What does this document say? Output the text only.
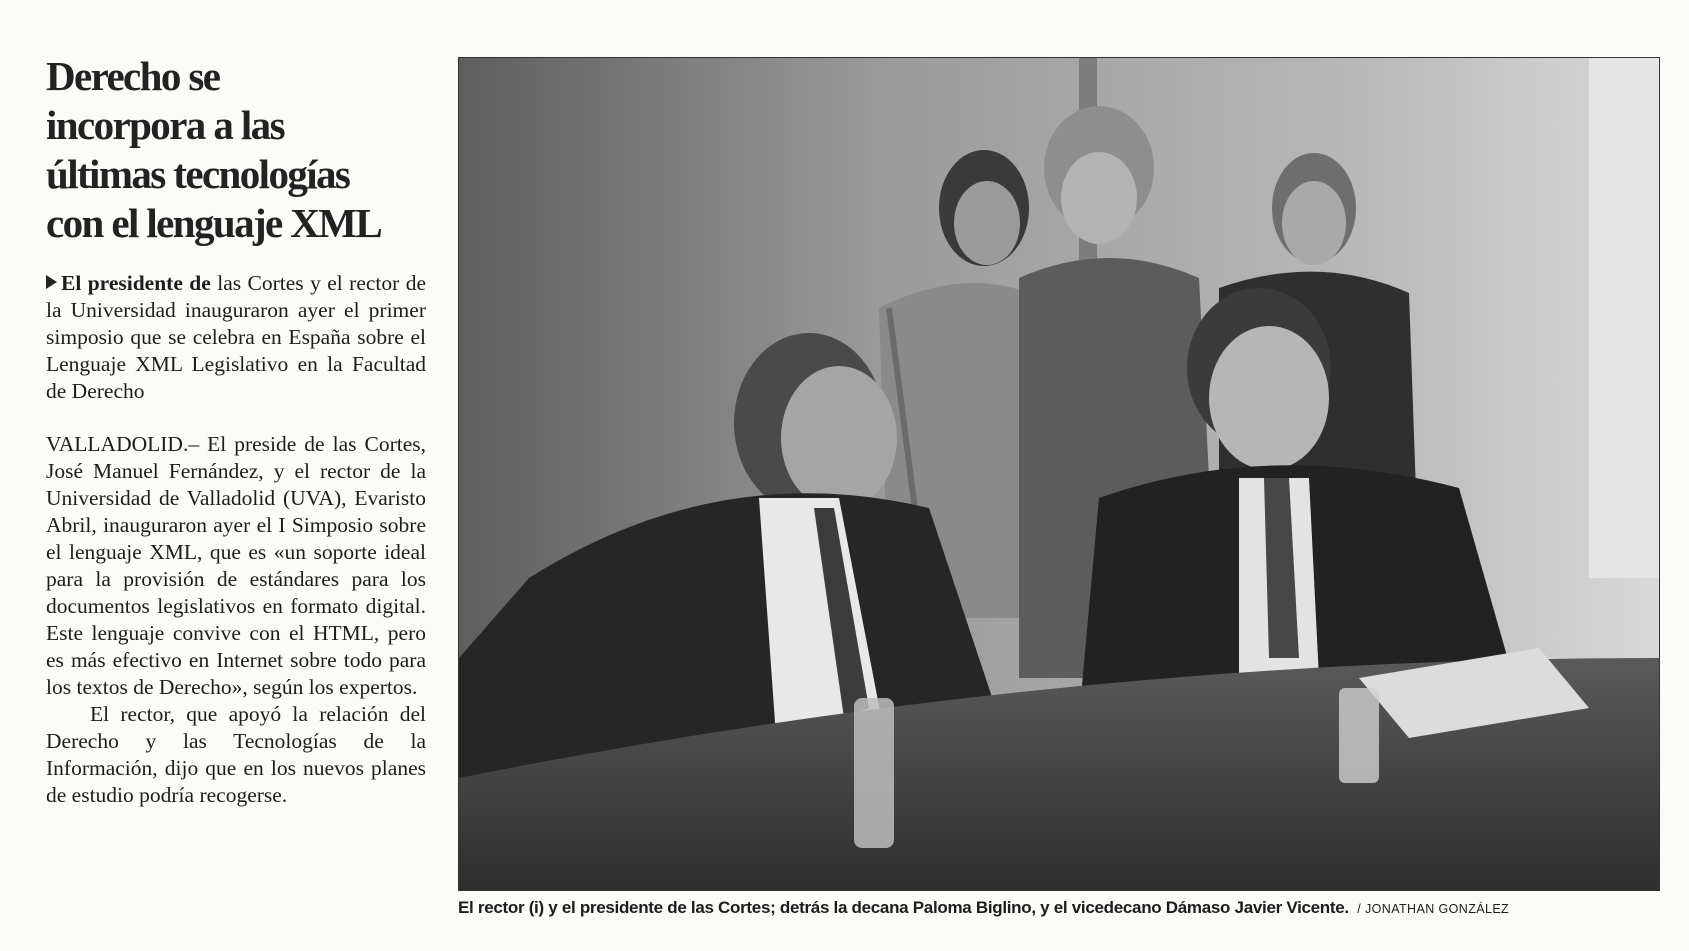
Derecho se
incorpora a las
últimas tecnologías
con el lenguaje XML

El presidente de las Cortes y el rector de la Universidad inauguraron ayer el primer simposio que se celebra en España sobre el Lenguaje XML Legislativo en la Facultad de Derecho

VALLADOLID.– El preside de las Cortes, José Manuel Fernández, y el rector de la Universidad de Valladolid (UVA), Evaristo Abril, inauguraron ayer el I Simposio sobre el lenguaje XML, que es «un soporte ideal para la provisión de estándares para los documentos legislativos en formato digital. Este lenguaje convive con el HTML, pero es más efectivo en Internet sobre todo para los textos de Derecho», según los expertos.

El rector, que apoyó la relación del Derecho y las Tecnologías de la Información, dijo que en los nuevos planes de estudio podría recogerse.

El rector (i) y el presidente de las Cortes; detrás la decana Paloma Biglino, y el vicedecano Dámaso Javier Vicente. / JONATHAN GONZÁLEZ
